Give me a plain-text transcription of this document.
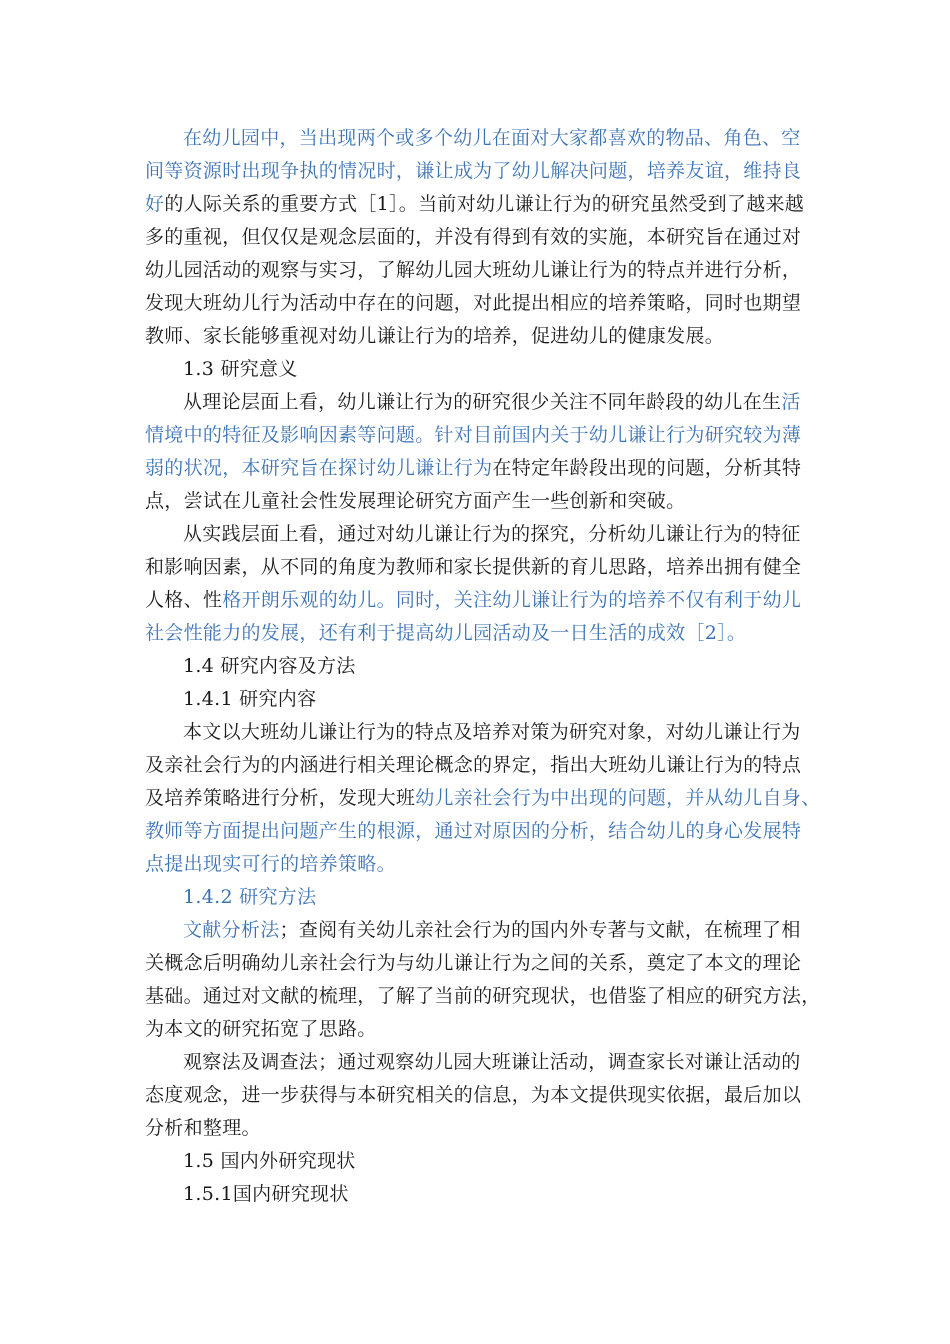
在幼儿园中，当出现两个或多个幼儿在面对大家都喜欢的物品、角色、空
间等资源时出现争执的情况时，谦让成为了幼儿解决问题，培养友谊，维持良
好的人际关系的重要方式［1］。当前对幼儿谦让行为的研究虽然受到了越来越
多的重视，但仅仅是观念层面的，并没有得到有效的实施，本研究旨在通过对
幼儿园活动的观察与实习，了解幼儿园大班幼儿谦让行为的特点并进行分析，
发现大班幼儿行为活动中存在的问题，对此提出相应的培养策略，同时也期望
教师、家长能够重视对幼儿谦让行为的培养，促进幼儿的健康发展。
1.3 研究意义
从理论层面上看，幼儿谦让行为的研究很少关注不同年龄段的幼儿在生活
情境中的特征及影响因素等问题。针对目前国内关于幼儿谦让行为研究较为薄
弱的状况，本研究旨在探讨幼儿谦让行为在特定年龄段出现的问题，分析其特
点，尝试在儿童社会性发展理论研究方面产生一些创新和突破。
从实践层面上看，通过对幼儿谦让行为的探究，分析幼儿谦让行为的特征
和影响因素，从不同的角度为教师和家长提供新的育儿思路，培养出拥有健全
人格、性格开朗乐观的幼儿。同时，关注幼儿谦让行为的培养不仅有利于幼儿
社会性能力的发展，还有利于提高幼儿园活动及一日生活的成效［2］。
1.4 研究内容及方法
1.4.1 研究内容
本文以大班幼儿谦让行为的特点及培养对策为研究对象，对幼儿谦让行为
及亲社会行为的内涵进行相关理论概念的界定，指出大班幼儿谦让行为的特点
及培养策略进行分析，发现大班幼儿亲社会行为中出现的问题，并从幼儿自身、
教师等方面提出问题产生的根源，通过对原因的分析，结合幼儿的身心发展特
点提出现实可行的培养策略。
1.4.2 研究方法
文献分析法；查阅有关幼儿亲社会行为的国内外专著与文献，在梳理了相
关概念后明确幼儿亲社会行为与幼儿谦让行为之间的关系，奠定了本文的理论
基础。通过对文献的梳理，了解了当前的研究现状，也借鉴了相应的研究方法，
为本文的研究拓宽了思路。
观察法及调查法；通过观察幼儿园大班谦让活动，调查家长对谦让活动的
态度观念，进一步获得与本研究相关的信息，为本文提供现实依据，最后加以
分析和整理。
1.5 国内外研究现状
1.5.1国内研究现状
